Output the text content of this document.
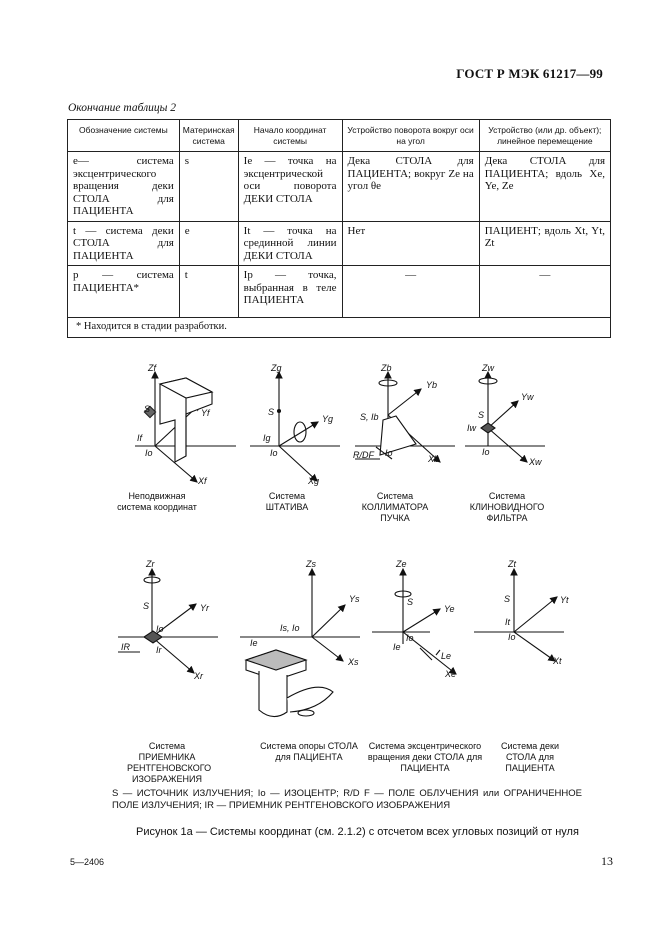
ГОСТ Р МЭК 61217—99
Окончание таблицы 2
Обозначение системы	Материнская система	Начало координат системы	Устройство поворота вокруг оси на угол	Устройство (или др. объект); линейное перемещение
e— система эксцентрического вращения деки СТОЛА для ПАЦИЕНТА	s	Ie — точка на эксцентрической оси поворота ДЕКИ СТОЛА	Дека СТОЛА для ПАЦИЕНТА; вокруг Ze на угол θe	Дека СТОЛА для ПАЦИЕНТА; вдоль Xe, Ye, Ze
t — система деки СТОЛА для ПАЦИЕНТА	e	It — точка на срединной линии ДЕКИ СТОЛА	Нет	ПАЦИЕНТ; вдоль Xt, Yt, Zt
p — система ПАЦИЕНТА*	t	Ip — точка, выбранная в теле ПАЦИЕНТА	—	—
* Находится в стадии разработки.				
Zf
Yf
Xf
Io
If
S
Zg
Yg
Xg
Io
Ig
S
Zb
Yb
Xb
Io
S, Ib
R/DF
Zw
Yw
Xw
Io
Iw
S
Zr
Yr
Xr
Io
Ir
S
IR
Zs
Ys
Xs
Is, Io
Ie
Ze
Ye
Xe
Io
Ie
S
Le
Zt
Yt
Xt
Io
It
S
Неподвижная система координат
Система ШТАТИВА
Система КОЛЛИМАТОРА ПУЧКА
Система КЛИНОВИДНОГО ФИЛЬТРА
Система ПРИЕМНИКА РЕНТГЕНОВСКОГО ИЗОБРАЖЕНИЯ
Система опоры СТОЛА для ПАЦИЕНТА
Система эксцентрического вращения деки СТОЛА для ПАЦИЕНТА
Система деки СТОЛА для ПАЦИЕНТА
S — ИСТОЧНИК ИЗЛУЧЕНИЯ; Io — ИЗОЦЕНТР; R/D F — ПОЛЕ ОБЛУЧЕНИЯ или ОГРАНИЧЕННОЕ ПОЛЕ ИЗЛУЧЕНИЯ; IR — ПРИЕМНИК РЕНТГЕНОВСКОГО ИЗОБРАЖЕНИЯ
Рисунок 1а — Системы координат (см. 2.1.2) с отсчетом всех угловых позиций от нуля
5—2406	13
